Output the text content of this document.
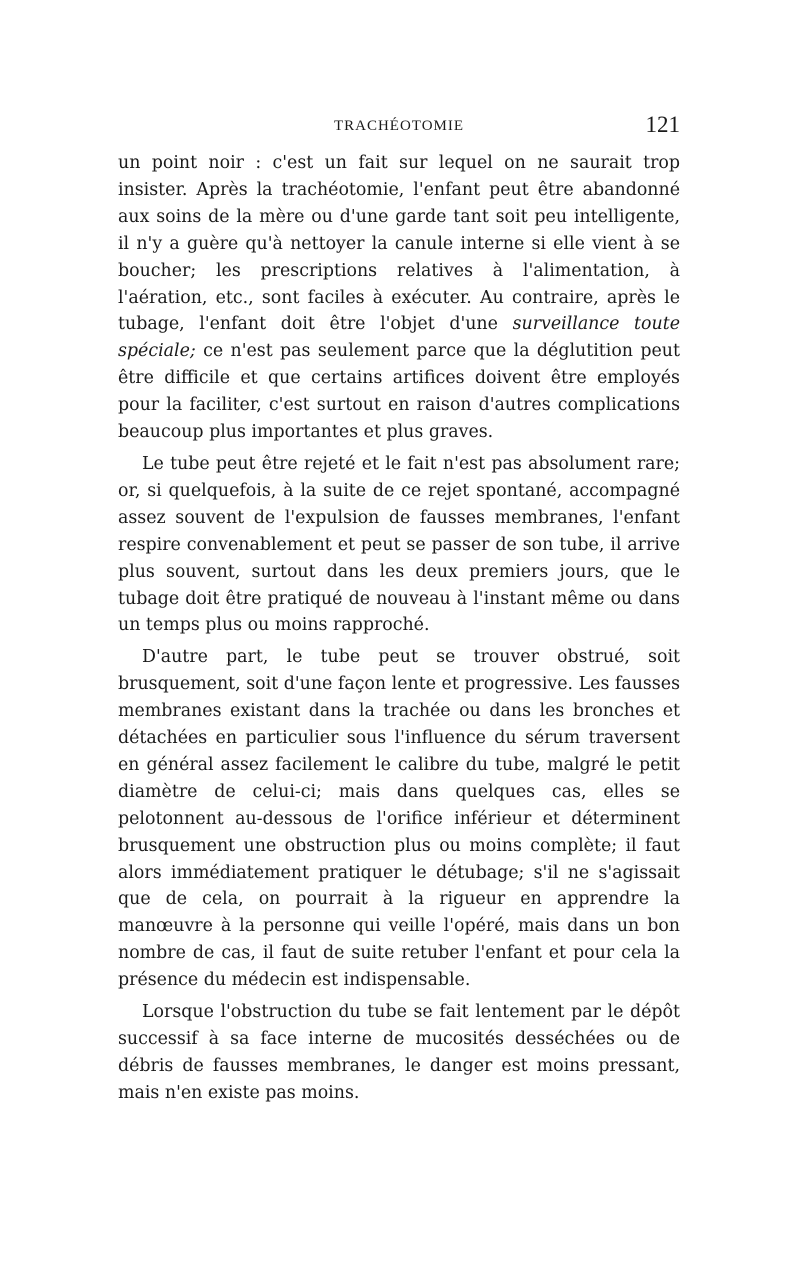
TRACHÉOTOMIE	121

un point noir : c'est un fait sur lequel on ne saurait trop insister. Après la trachéotomie, l'enfant peut être abandonné aux soins de la mère ou d'une garde tant soit peu intelligente, il n'y a guère qu'à nettoyer la canule interne si elle vient à se boucher; les prescriptions relatives à l'alimentation, à l'aération, etc., sont faciles à exécuter. Au contraire, après le tubage, l'enfant doit être l'objet d'une surveillance toute spéciale; ce n'est pas seulement parce que la déglutition peut être difficile et que certains artifices doivent être employés pour la faciliter, c'est surtout en raison d'autres complications beaucoup plus importantes et plus graves.

Le tube peut être rejeté et le fait n'est pas absolument rare; or, si quelquefois, à la suite de ce rejet spontané, accompagné assez souvent de l'expulsion de fausses membranes, l'enfant respire convenablement et peut se passer de son tube, il arrive plus souvent, surtout dans les deux premiers jours, que le tubage doit être pratiqué de nouveau à l'instant même ou dans un temps plus ou moins rapproché.

D'autre part, le tube peut se trouver obstrué, soit brusquement, soit d'une façon lente et progressive. Les fausses membranes existant dans la trachée ou dans les bronches et détachées en particulier sous l'influence du sérum traversent en général assez facilement le calibre du tube, malgré le petit diamètre de celui-ci; mais dans quelques cas, elles se pelotonnent au-dessous de l'orifice inférieur et déterminent brusquement une obstruction plus ou moins complète; il faut alors immédiatement pratiquer le détubage; s'il ne s'agissait que de cela, on pourrait à la rigueur en apprendre la manœuvre à la personne qui veille l'opéré, mais dans un bon nombre de cas, il faut de suite retuber l'enfant et pour cela la présence du médecin est indispensable.

Lorsque l'obstruction du tube se fait lentement par le dépôt successif à sa face interne de mucosités desséchées ou de débris de fausses membranes, le danger est moins pressant, mais n'en existe pas moins.
